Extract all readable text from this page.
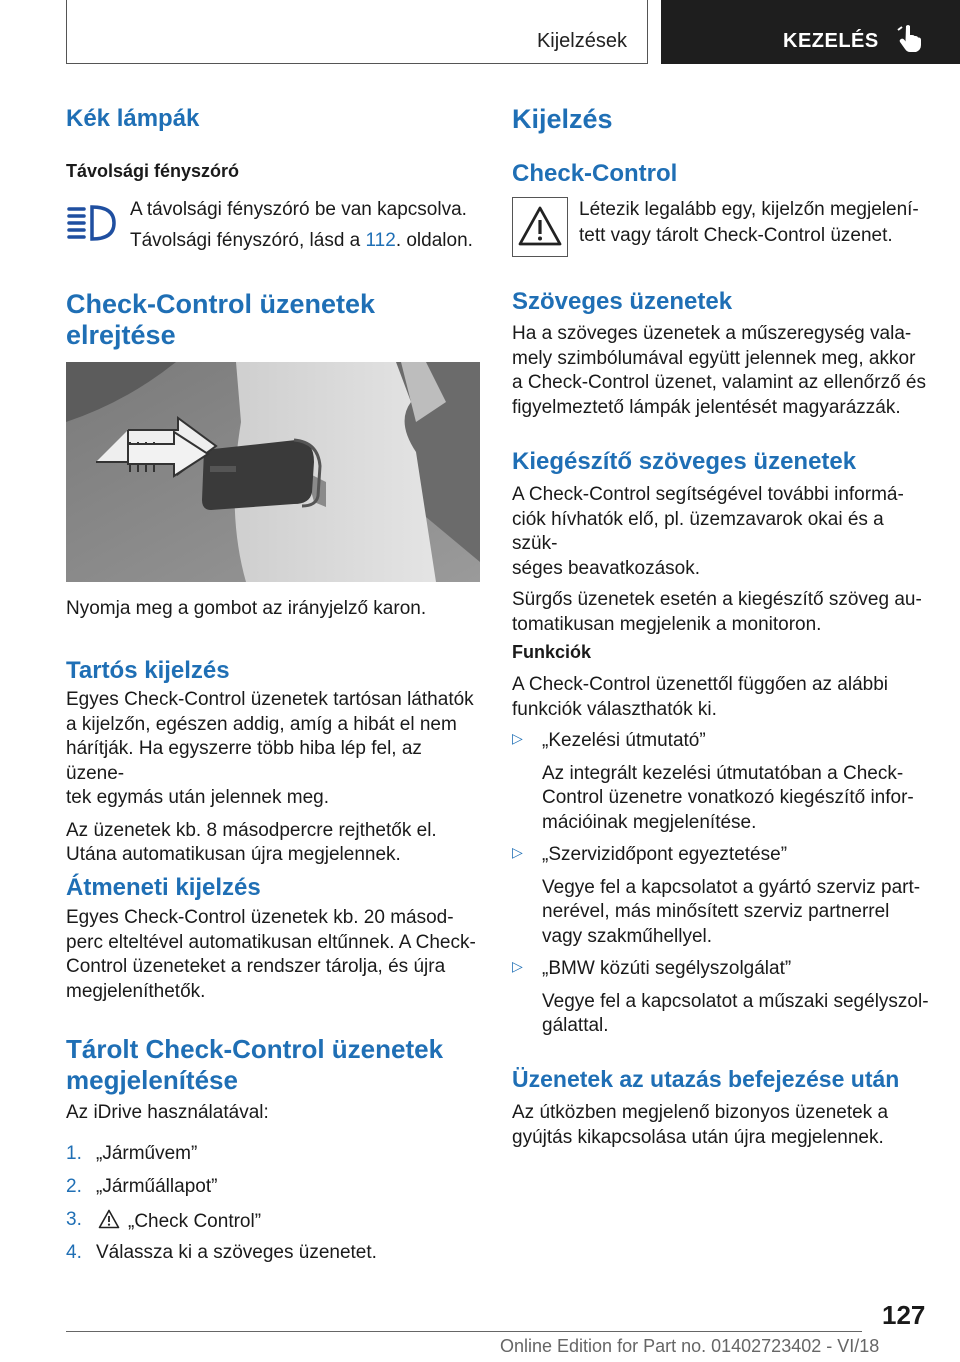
Kijelzések	KEZELÉS
Kék lámpák

Távolsági fényszóró

A távolsági fényszóró be van kapcsolva.

Távolsági fényszóró, lásd a 112. oldalon.

Check-Control üzenetek
elrejtése

Nyomja meg a gombot az irányjelző karon.

Tartós kijelzés

Egyes Check-Control üzenetek tartósan láthatók

a kijelzőn, egészen addig, amíg a hibát el nem

hárítják. Ha egyszerre több hiba lép fel, az üzene‐

tek egymás után jelennek meg.

Az üzenetek kb. 8 másodpercre rejthetők el.

Utána automatikusan újra megjelennek.

Átmeneti kijelzés

Egyes Check-Control üzenetek kb. 20 másod‐

perc elteltével automatikusan eltűnnek. A Check-

Control üzeneteket a rendszer tárolja, és újra

megjeleníthetők.

Tárolt Check-Control üzenetek
megjelenítése

Az iDrive használatával:

1. „Járművem”
2. „Járműállapot”
3. „Check Control”
4. Válassza ki a szöveges üzenetet.
Kijelzés
Check-Control

Létezik legalább egy, kijelzőn megjelení‐

tett vagy tárolt Check-Control üzenet.

Szöveges üzenetek

Ha a szöveges üzenetek a műszeregység vala‐

mely szimbólumával együtt jelennek meg, akkor

a Check-Control üzenet, valamint az ellenőrző és

figyelmeztető lámpák jelentését magyarázzák.

Kiegészítő szöveges üzenetek

A Check-Control segítségével további informá‐

ciók hívhatók elő, pl. üzemzavarok okai és a szük‐

séges beavatkozások.

Sürgős üzenetek esetén a kiegészítő szöveg au‐

tomatikusan megjelenik a monitoron.

Funkciók

A Check-Control üzenettől függően az alábbi

funkciók választhatók ki.

▷ „Kezelési útmutató”

Az integrált kezelési útmutatóban a Check-

Control üzenetre vonatkozó kiegészítő infor‐

mációinak megjelenítése.

▷ „Szervizidőpont egyeztetése”

Vegye fel a kapcsolatot a gyártó szerviz part‐

nerével, más minősített szerviz partnerrel

vagy szakműhellyel.

▷ „BMW közúti segélyszolgálat”

Vegye fel a kapcsolatot a műszaki segélyszol‐

gálattal.

Üzenetek az utazás befejezése után

Az útközben megjelenő bizonyos üzenetek a

gyújtás kikapcsolása után újra megjelennek.

127
Online Edition for Part no. 01402723402 - VI/18
